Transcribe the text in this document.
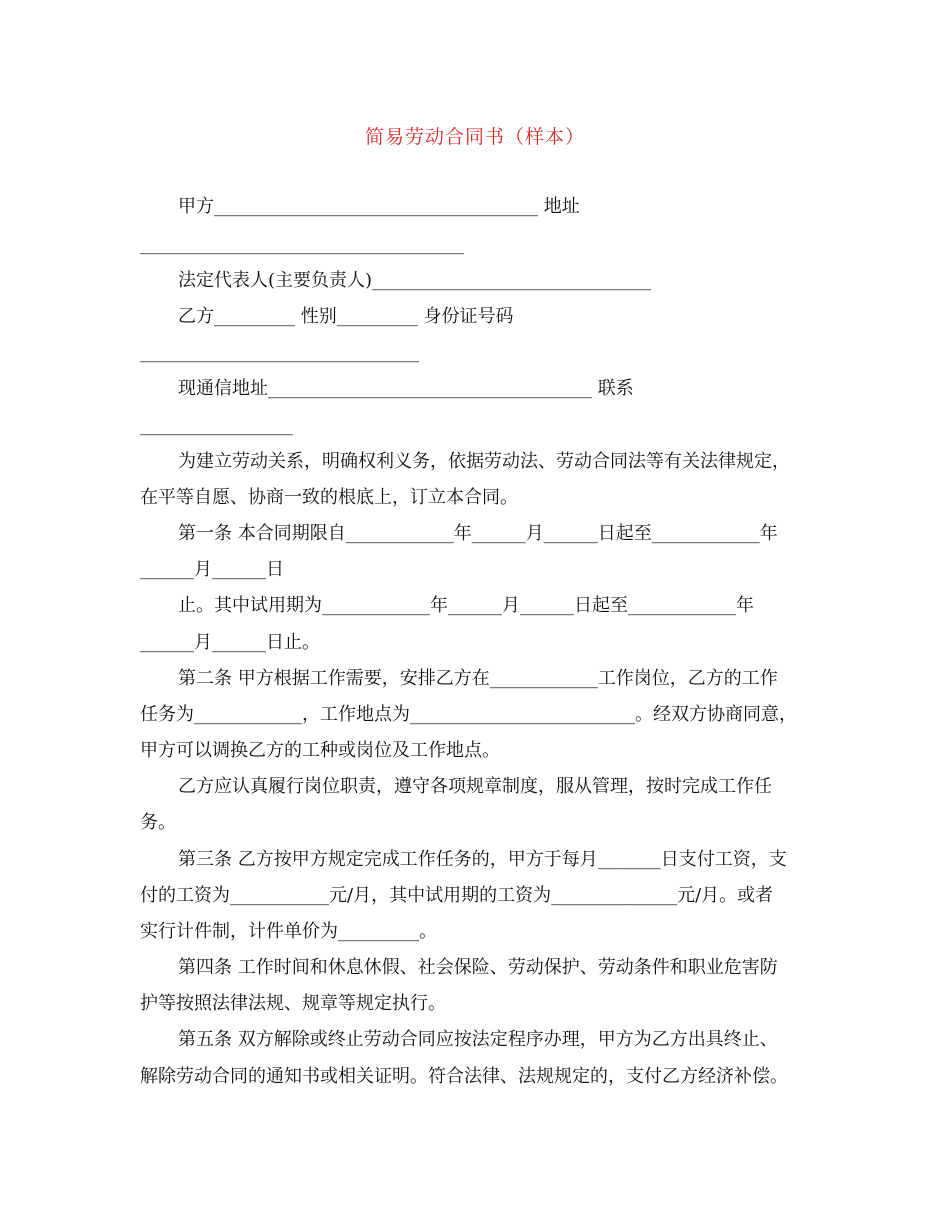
简易劳动合同书（样本）
甲方____________________________________ 地址
____________________________________
法定代表人(主要负责人)_______________________________
乙方_________ 性别_________ 身份证号码
_______________________________
现通信地址____________________________________ 联系
_________________
为建立劳动关系，明确权利义务，依据劳动法、劳动合同法等有关法律规定，
在平等自愿、协商一致的根底上，订立本合同。
第一条 本合同期限自____________年______月______日起至____________年
______月______日
止。其中试用期为____________年______月______日起至____________年
______月______日止。
第二条 甲方根据工作需要，安排乙方在____________工作岗位，乙方的工作
任务为____________，工作地点为_________________________。经双方协商同意，
甲方可以调换乙方的工种或岗位及工作地点。
乙方应认真履行岗位职责，遵守各项规章制度，服从管理，按时完成工作任
务。
第三条 乙方按甲方规定完成工作任务的，甲方于每月_______日支付工资，支
付的工资为___________元/月，其中试用期的工资为______________元/月。或者
实行计件制，计件单价为_________。
第四条 工作时间和休息休假、社会保险、劳动保护、劳动条件和职业危害防
护等按照法律法规、规章等规定执行。
第五条 双方解除或终止劳动合同应按法定程序办理，甲方为乙方出具终止、
解除劳动合同的通知书或相关证明。符合法律、法规规定的，支付乙方经济补偿。
